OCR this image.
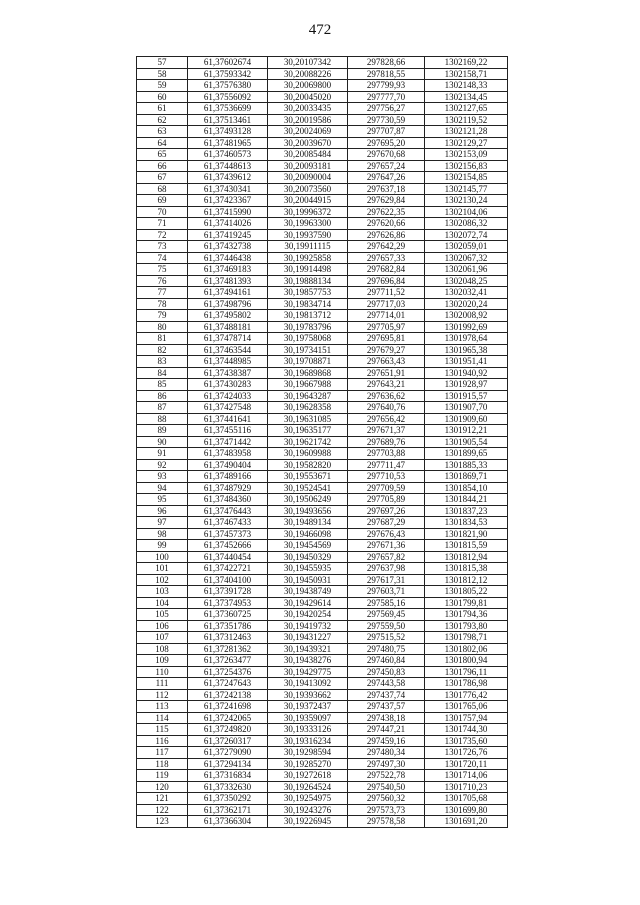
472
57	61,37602674	30,20107342	297828,66	1302169,22
58	61,37593342	30,20088226	297818,55	1302158,71
59	61,37576380	30,20069800	297799,93	1302148,33
60	61,37556092	30,20045020	297777,70	1302134,45
61	61,37536699	30,20033435	297756,27	1302127,65
62	61,37513461	30,20019586	297730,59	1302119,52
63	61,37493128	30,20024069	297707,87	1302121,28
64	61,37481965	30,20039670	297695,20	1302129,27
65	61,37460573	30,20085484	297670,68	1302153,09
66	61,37448613	30,20093181	297657,24	1302156,83
67	61,37439612	30,20090004	297647,26	1302154,85
68	61,37430341	30,20073560	297637,18	1302145,77
69	61,37423367	30,20044915	297629,84	1302130,24
70	61,37415990	30,19996372	297622,35	1302104,06
71	61,37414026	30,19963300	297620,66	1302086,32
72	61,37419245	30,19937590	297626,86	1302072,74
73	61,37432738	30,19911115	297642,29	1302059,01
74	61,37446438	30,19925858	297657,33	1302067,32
75	61,37469183	30,19914498	297682,84	1302061,96
76	61,37481393	30,19888134	297696,84	1302048,25
77	61,37494161	30,19857753	297711,52	1302032,41
78	61,37498796	30,19834714	297717,03	1302020,24
79	61,37495802	30,19813712	297714,01	1302008,92
80	61,37488181	30,19783796	297705,97	1301992,69
81	61,37478714	30,19758068	297695,81	1301978,64
82	61,37463544	30,19734151	297679,27	1301965,38
83	61,37448985	30,19708871	297663,43	1301951,41
84	61,37438387	30,19689868	297651,91	1301940,92
85	61,37430283	30,19667988	297643,21	1301928,97
86	61,37424033	30,19643287	297636,62	1301915,57
87	61,37427548	30,19628358	297640,76	1301907,70
88	61,37441641	30,19631085	297656,42	1301909,60
89	61,37455116	30,19635177	297671,37	1301912,21
90	61,37471442	30,19621742	297689,76	1301905,54
91	61,37483958	30,19609988	297703,88	1301899,65
92	61,37490404	30,19582820	297711,47	1301885,33
93	61,37489166	30,19553671	297710,53	1301869,71
94	61,37487929	30,19524541	297709,59	1301854,10
95	61,37484360	30,19506249	297705,89	1301844,21
96	61,37476443	30,19493656	297697,26	1301837,23
97	61,37467433	30,19489134	297687,29	1301834,53
98	61,37457373	30,19466098	297676,43	1301821,90
99	61,37452666	30,19454569	297671,36	1301815,59
100	61,37440454	30,19450329	297657,82	1301812,94
101	61,37422721	30,19455935	297637,98	1301815,38
102	61,37404100	30,19450931	297617,31	1301812,12
103	61,37391728	30,19438749	297603,71	1301805,22
104	61,37374953	30,19429614	297585,16	1301799,81
105	61,37360725	30,19420254	297569,45	1301794,36
106	61,37351786	30,19419732	297559,50	1301793,80
107	61,37312463	30,19431227	297515,52	1301798,71
108	61,37281362	30,19439321	297480,75	1301802,06
109	61,37263477	30,19438276	297460,84	1301800,94
110	61,37254376	30,19429775	297450,83	1301796,11
111	61,37247643	30,19413092	297443,58	1301786,98
112	61,37242138	30,19393662	297437,74	1301776,42
113	61,37241698	30,19372437	297437,57	1301765,06
114	61,37242065	30,19359097	297438,18	1301757,94
115	61,37249820	30,19333126	297447,21	1301744,30
116	61,37260317	30,19316234	297459,16	1301735,60
117	61,37279090	30,19298594	297480,34	1301726,76
118	61,37294134	30,19285270	297497,30	1301720,11
119	61,37316834	30,19272618	297522,78	1301714,06
120	61,37332630	30,19264524	297540,50	1301710,23
121	61,37350292	30,19254975	297560,32	1301705,68
122	61,37362171	30,19243276	297573,73	1301699,80
123	61,37366304	30,19226945	297578,58	1301691,20
